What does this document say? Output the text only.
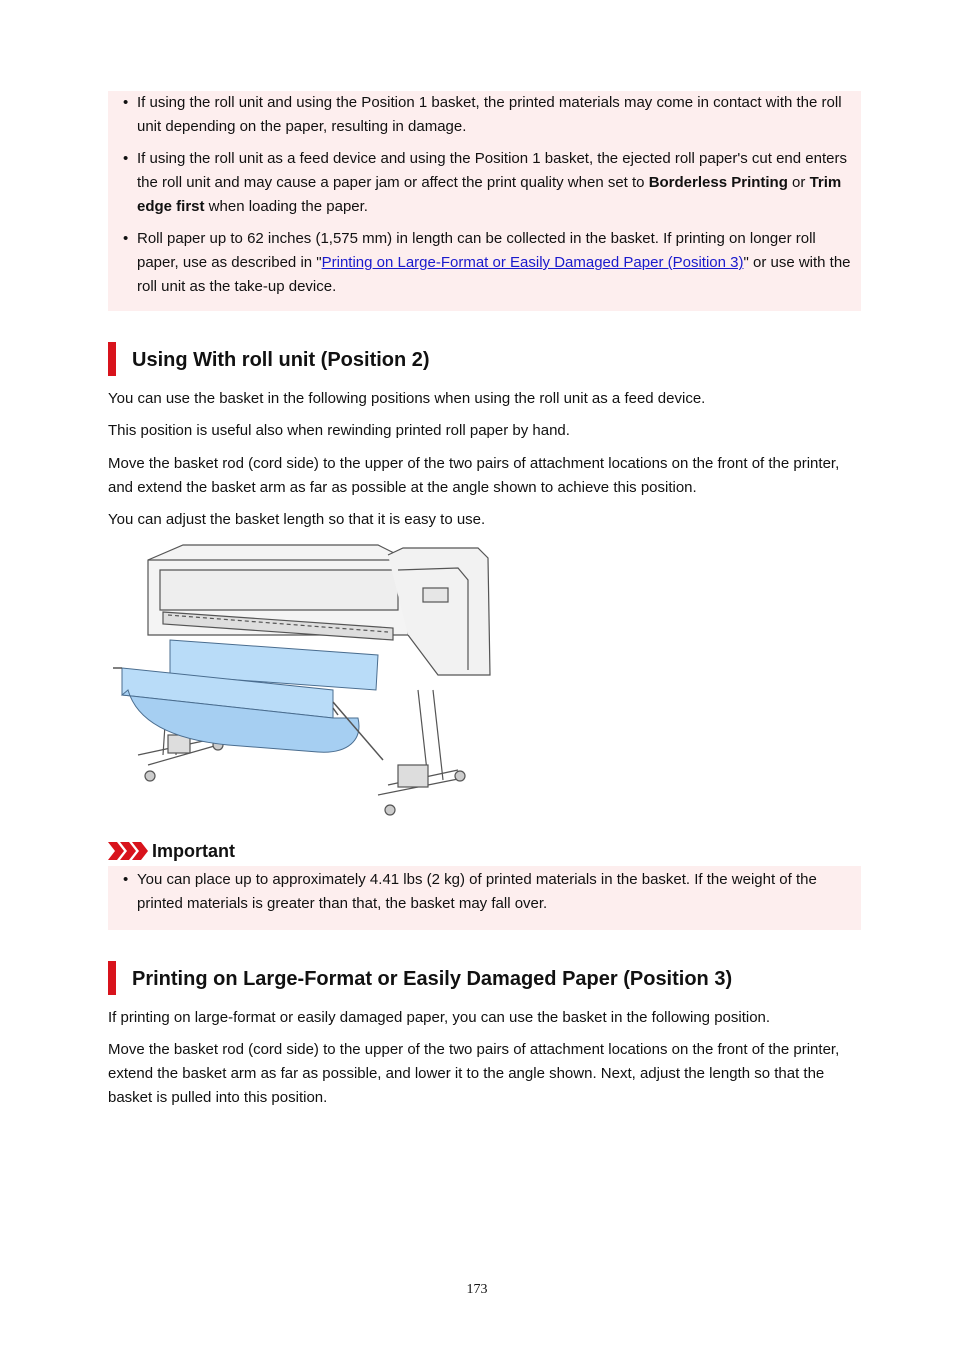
• If using the roll unit and using the Position 1 basket, the printed materials may come in contact with the roll unit depending on the paper, resulting in damage.
• If using the roll unit as a feed device and using the Position 1 basket, the ejected roll paper's cut end enters the roll unit and may cause a paper jam or affect the print quality when set to Borderless Printing or Trim edge first when loading the paper.
• Roll paper up to 62 inches (1,575 mm) in length can be collected in the basket. If printing on longer roll paper, use as described in "Printing on Large-Format or Easily Damaged Paper (Position 3)" or use with the roll unit as the take-up device.
Using With roll unit (Position 2)

You can use the basket in the following positions when using the roll unit as a feed device.

This position is useful also when rewinding printed roll paper by hand.

Move the basket rod (cord side) to the upper of the two pairs of attachment locations on the front of the printer, and extend the basket arm as far as possible at the angle shown to achieve this position.

You can adjust the basket length so that it is easy to use.

Important
• You can place up to approximately 4.41 lbs (2 kg) of printed materials in the basket. If the weight of the printed materials is greater than that, the basket may fall over.
Printing on Large-Format or Easily Damaged Paper (Position 3)

If printing on large-format or easily damaged paper, you can use the basket in the following position.

Move the basket rod (cord side) to the upper of the two pairs of attachment locations on the front of the printer, extend the basket arm as far as possible, and lower it to the angle shown. Next, adjust the length so that the basket is pulled into this position.

173
